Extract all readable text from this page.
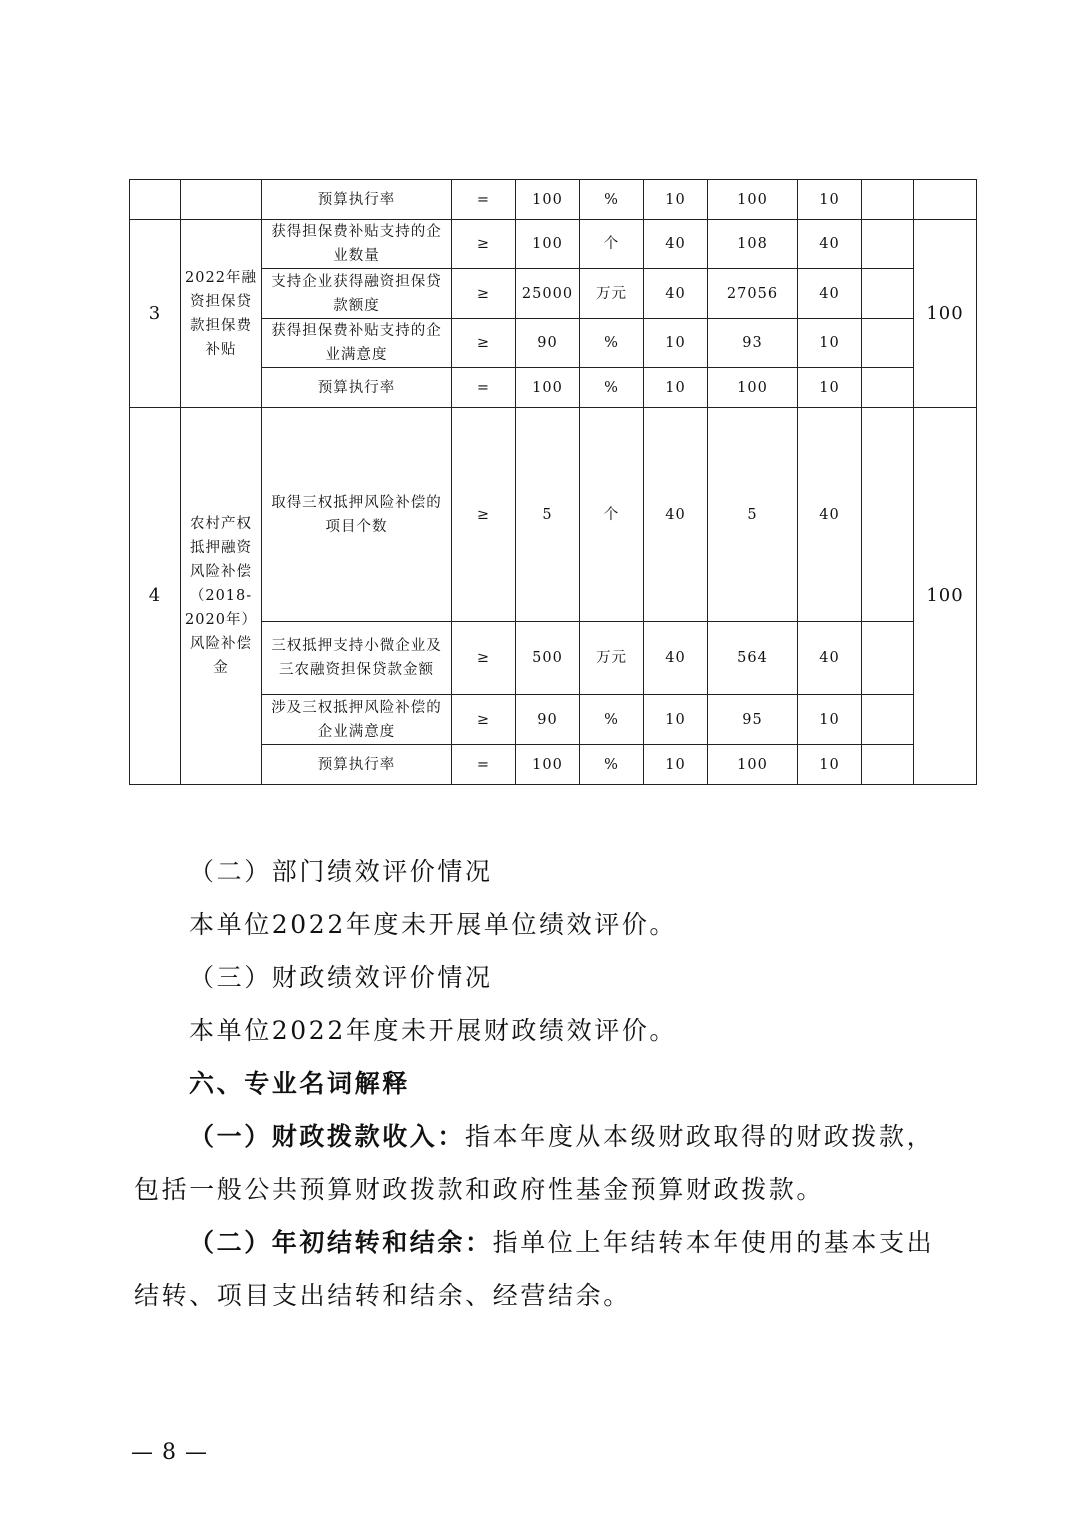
		预算执行率	=	100	%	10	100	10		
3	2022年融资担保贷款担保费补贴	获得担保费补贴支持的企业数量	≥	100	个	40	108	40		100
		支持企业获得融资担保贷款额度	≥	25000	万元	40	27056	40		
		获得担保费补贴支持的企业满意度	≥	90	%	10	93	10		
		预算执行率	=	100	%	10	100	10		
4	农村产权抵押融资风险补偿（2018-2020年）风险补偿金	取得三权抵押风险补偿的项目个数	≥	5	个	40	5	40		100
		三权抵押支持小微企业及三农融资担保贷款金额	≥	500	万元	40	564	40		
		涉及三权抵押风险补偿的企业满意度	≥	90	%	10	95	10		
		预算执行率	=	100	%	10	100	10		

（二）部门绩效评价情况

本单位2022年度未开展单位绩效评价。

（三）财政绩效评价情况

本单位2022年度未开展财政绩效评价。

六、专业名词解释

（一）财政拨款收入：指本年度从本级财政取得的财政拨款，包括一般公共预算财政拨款和政府性基金预算财政拨款。

（二）年初结转和结余：指单位上年结转本年使用的基本支出结转、项目支出结转和结余、经营结余。

— 8 —
